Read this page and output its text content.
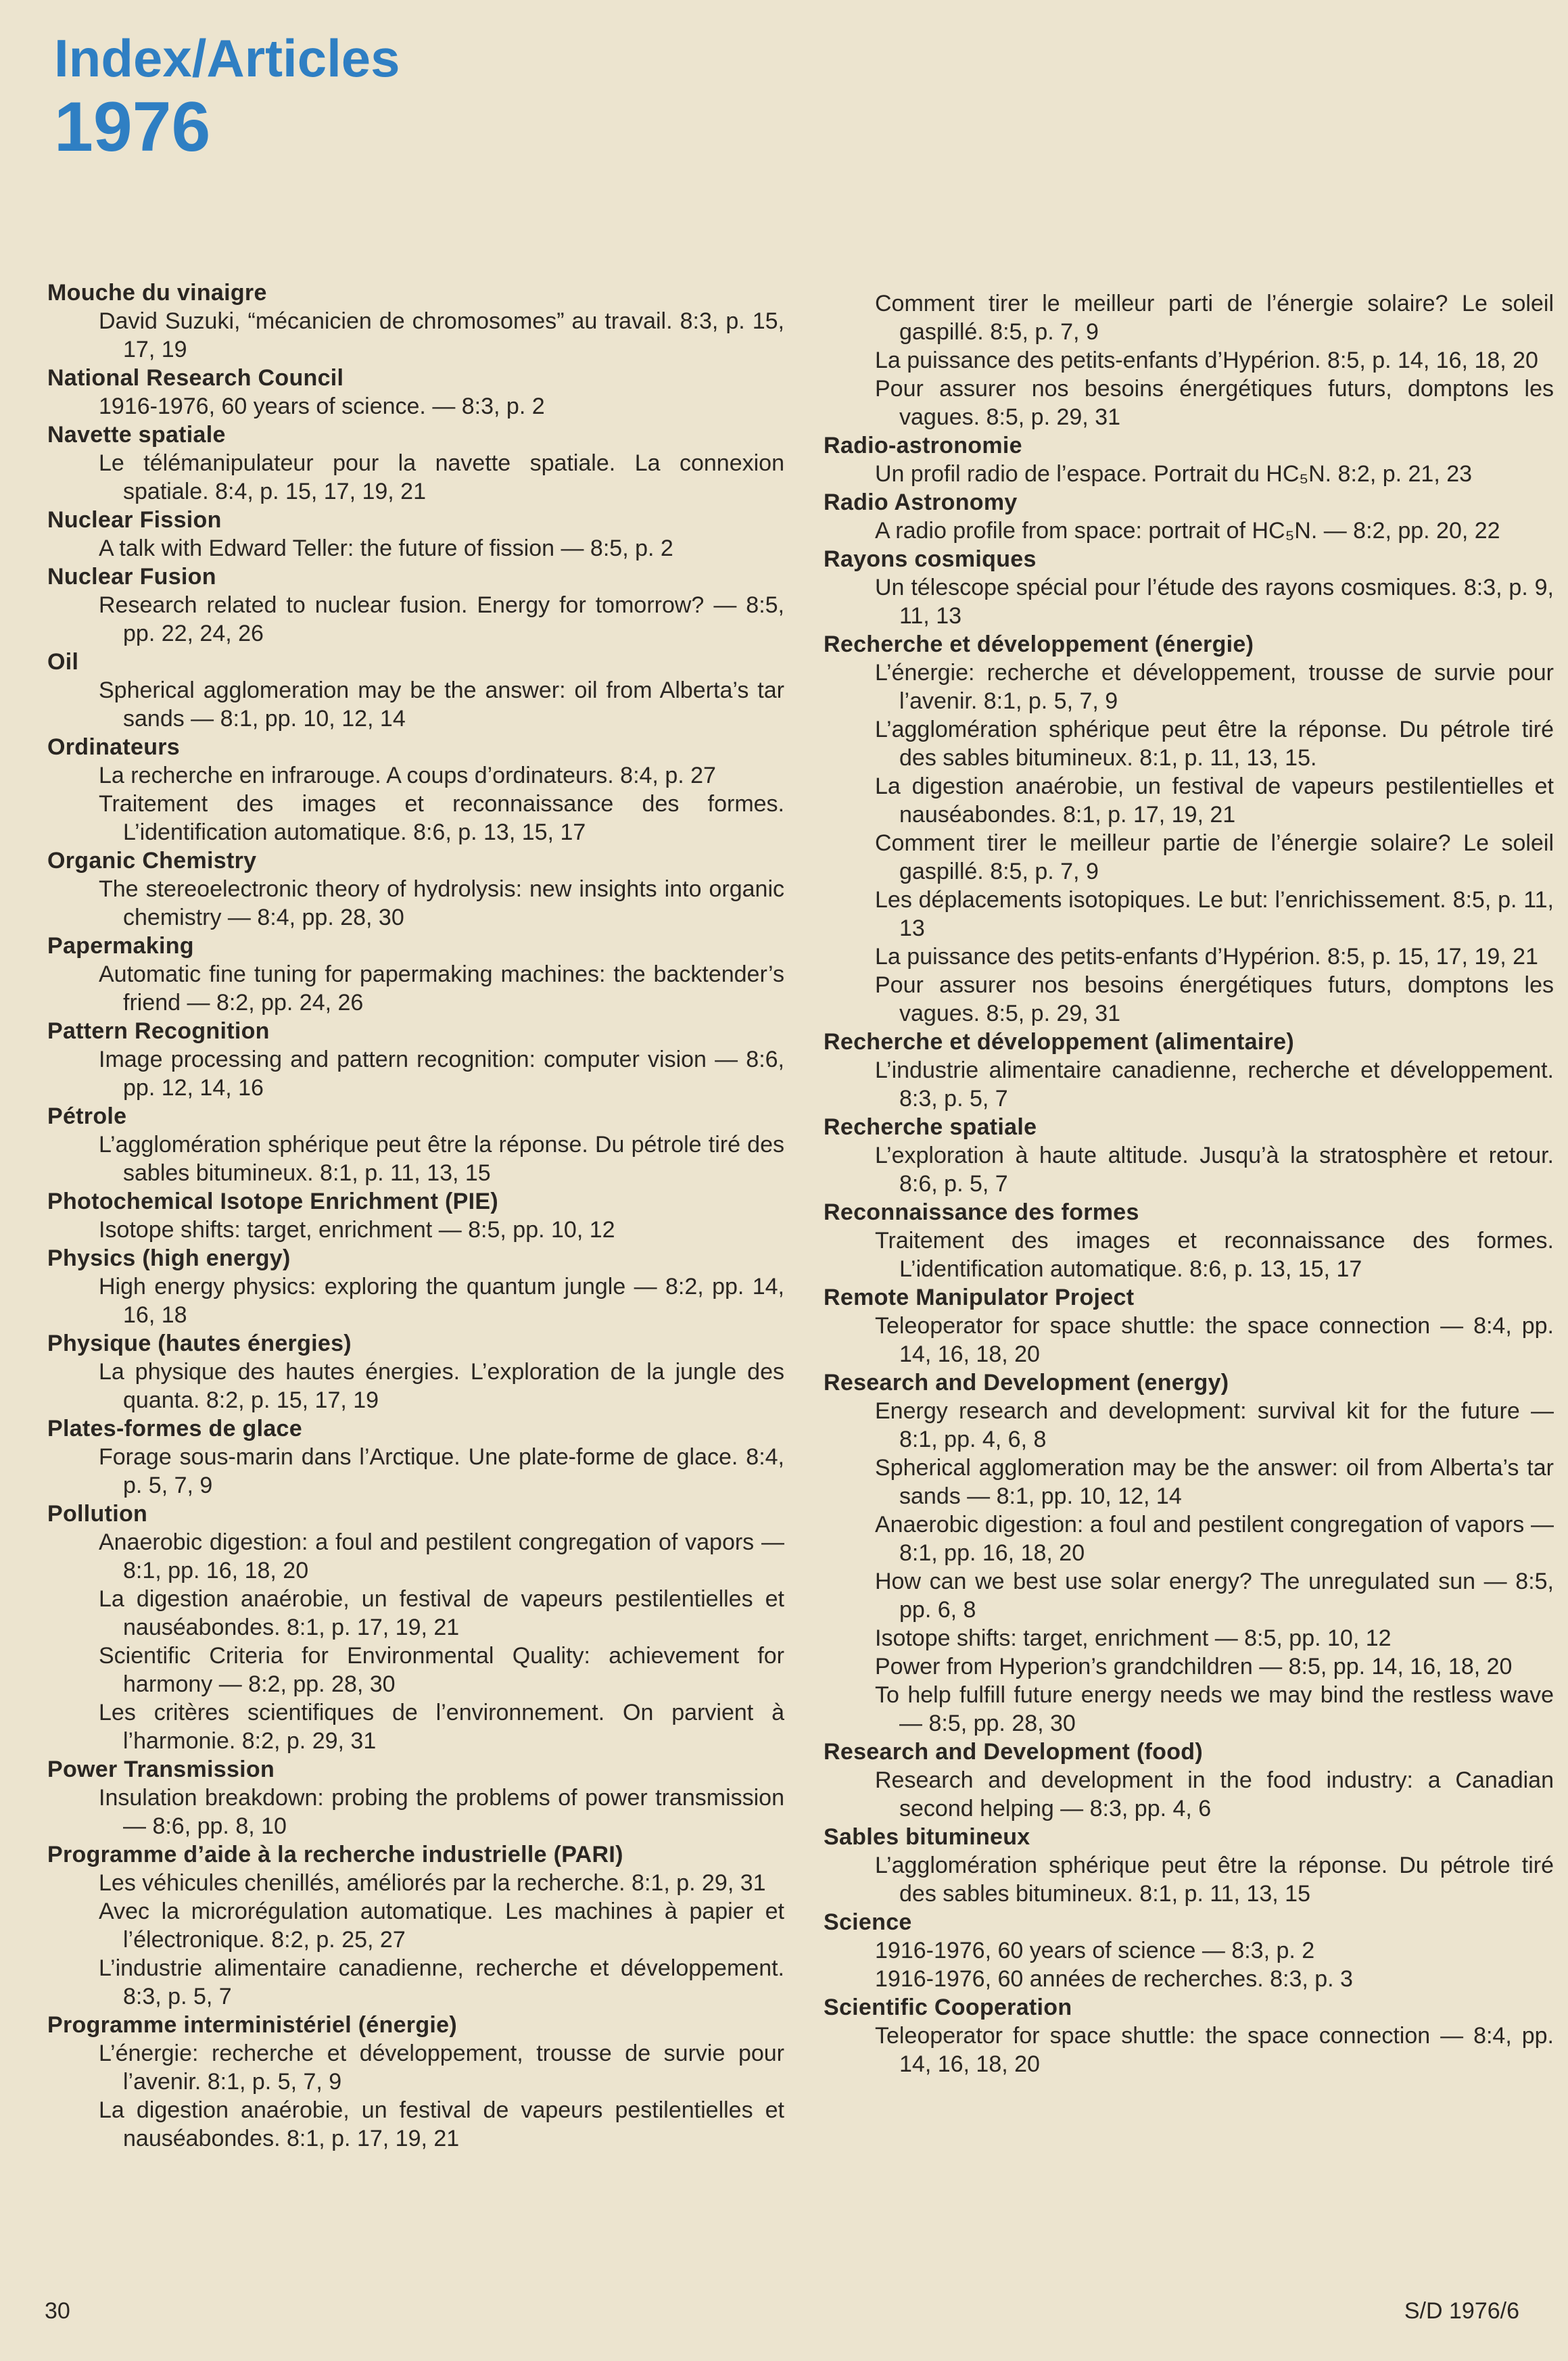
Index/Articles
1976
Mouche du vinaigre

David Suzuki, “mécanicien de chromosomes” au travail. 8:3, p. 15, 17, 19

National Research Council

1916-1976, 60 years of science. — 8:3, p. 2

Navette spatiale

Le télémanipulateur pour la navette spatiale. La connexion spatiale. 8:4, p. 15, 17, 19, 21

Nuclear Fission

A talk with Edward Teller: the future of fission — 8:5, p. 2

Nuclear Fusion

Research related to nuclear fusion. Energy for tomorrow? — 8:5, pp. 22, 24, 26

Oil

Spherical agglomeration may be the answer: oil from Alberta’s tar sands — 8:1, pp. 10, 12, 14

Ordinateurs

La recherche en infrarouge. A coups d’ordinateurs. 8:4, p. 27

Traitement des images et reconnaissance des formes. L’identification automatique. 8:6, p. 13, 15, 17

Organic Chemistry

The stereoelectronic theory of hydrolysis: new insights into organic chemistry — 8:4, pp. 28, 30

Papermaking

Automatic fine tuning for papermaking machines: the backtender’s friend — 8:2, pp. 24, 26

Pattern Recognition

Image processing and pattern recognition: computer vision — 8:6, pp. 12, 14, 16

Pétrole

L’agglomération sphérique peut être la réponse. Du pétrole tiré des sables bitumineux. 8:1, p. 11, 13, 15

Photochemical Isotope Enrichment (PIE)

Isotope shifts: target, enrichment — 8:5, pp. 10, 12

Physics (high energy)

High energy physics: exploring the quantum jungle — 8:2, pp. 14, 16, 18

Physique (hautes énergies)

La physique des hautes énergies. L’exploration de la jungle des quanta. 8:2, p. 15, 17, 19

Plates-formes de glace

Forage sous-marin dans l’Arctique. Une plate-forme de glace. 8:4, p. 5, 7, 9

Pollution

Anaerobic digestion: a foul and pestilent congregation of vapors — 8:1, pp. 16, 18, 20

La digestion anaérobie, un festival de vapeurs pestilentielles et nauséabondes. 8:1, p. 17, 19, 21

Scientific Criteria for Environmental Quality: achievement for harmony — 8:2, pp. 28, 30

Les critères scientifiques de l’environnement. On parvient à l’harmonie. 8:2, p. 29, 31

Power Transmission

Insulation breakdown: probing the problems of power transmission — 8:6, pp. 8, 10

Programme d’aide à la recherche industrielle (PARI)

Les véhicules chenillés, améliorés par la recherche. 8:1, p. 29, 31

Avec la microrégulation automatique. Les machines à papier et l’électronique. 8:2, p. 25, 27

L’industrie alimentaire canadienne, recherche et développement. 8:3, p. 5, 7

Programme interministériel (énergie)

L’énergie: recherche et développement, trousse de survie pour l’avenir. 8:1, p. 5, 7, 9

La digestion anaérobie, un festival de vapeurs pestilentielles et nauséabondes. 8:1, p. 17, 19, 21

Comment tirer le meilleur parti de l’énergie solaire? Le soleil gaspillé. 8:5, p. 7, 9

La puissance des petits-enfants d’Hypérion. 8:5, p. 14, 16, 18, 20

Pour assurer nos besoins énergétiques futurs, domptons les vagues. 8:5, p. 29, 31

Radio-astronomie

Un profil radio de l’espace. Portrait du HC₅N. 8:2, p. 21, 23

Radio Astronomy

A radio profile from space: portrait of HC₅N. — 8:2, pp. 20, 22

Rayons cosmiques

Un télescope spécial pour l’étude des rayons cosmiques. 8:3, p. 9, 11, 13

Recherche et développement (énergie)

L’énergie: recherche et développement, trousse de survie pour l’avenir. 8:1, p. 5, 7, 9

L’agglomération sphérique peut être la réponse. Du pétrole tiré des sables bitumineux. 8:1, p. 11, 13, 15.

La digestion anaérobie, un festival de vapeurs pestilentielles et nauséabondes. 8:1, p. 17, 19, 21

Comment tirer le meilleur partie de l’énergie solaire? Le soleil gaspillé. 8:5, p. 7, 9

Les déplacements isotopiques. Le but: l’enrichissement. 8:5, p. 11, 13

La puissance des petits-enfants d’Hypérion. 8:5, p. 15, 17, 19, 21

Pour assurer nos besoins énergétiques futurs, domptons les vagues. 8:5, p. 29, 31

Recherche et développement (alimentaire)

L’industrie alimentaire canadienne, recherche et développement. 8:3, p. 5, 7

Recherche spatiale

L’exploration à haute altitude. Jusqu’à la stratosphère et retour. 8:6, p. 5, 7

Reconnaissance des formes

Traitement des images et reconnaissance des formes. L’identification automatique. 8:6, p. 13, 15, 17

Remote Manipulator Project

Teleoperator for space shuttle: the space connection — 8:4, pp. 14, 16, 18, 20

Research and Development (energy)

Energy research and development: survival kit for the future — 8:1, pp. 4, 6, 8

Spherical agglomeration may be the answer: oil from Alberta’s tar sands — 8:1, pp. 10, 12, 14

Anaerobic digestion: a foul and pestilent congregation of vapors — 8:1, pp. 16, 18, 20

How can we best use solar energy? The unregulated sun — 8:5, pp. 6, 8

Isotope shifts: target, enrichment — 8:5, pp. 10, 12

Power from Hyperion’s grandchildren — 8:5, pp. 14, 16, 18, 20

To help fulfill future energy needs we may bind the restless wave — 8:5, pp. 28, 30

Research and Development (food)

Research and development in the food industry: a Canadian second helping — 8:3, pp. 4, 6

Sables bitumineux

L’agglomération sphérique peut être la réponse. Du pétrole tiré des sables bitumineux. 8:1, p. 11, 13, 15

Science

1916-1976, 60 years of science — 8:3, p. 2

1916-1976, 60 années de recherches. 8:3, p. 3

Scientific Cooperation

Teleoperator for space shuttle: the space connection — 8:4, pp. 14, 16, 18, 20

30	S/D 1976/6
